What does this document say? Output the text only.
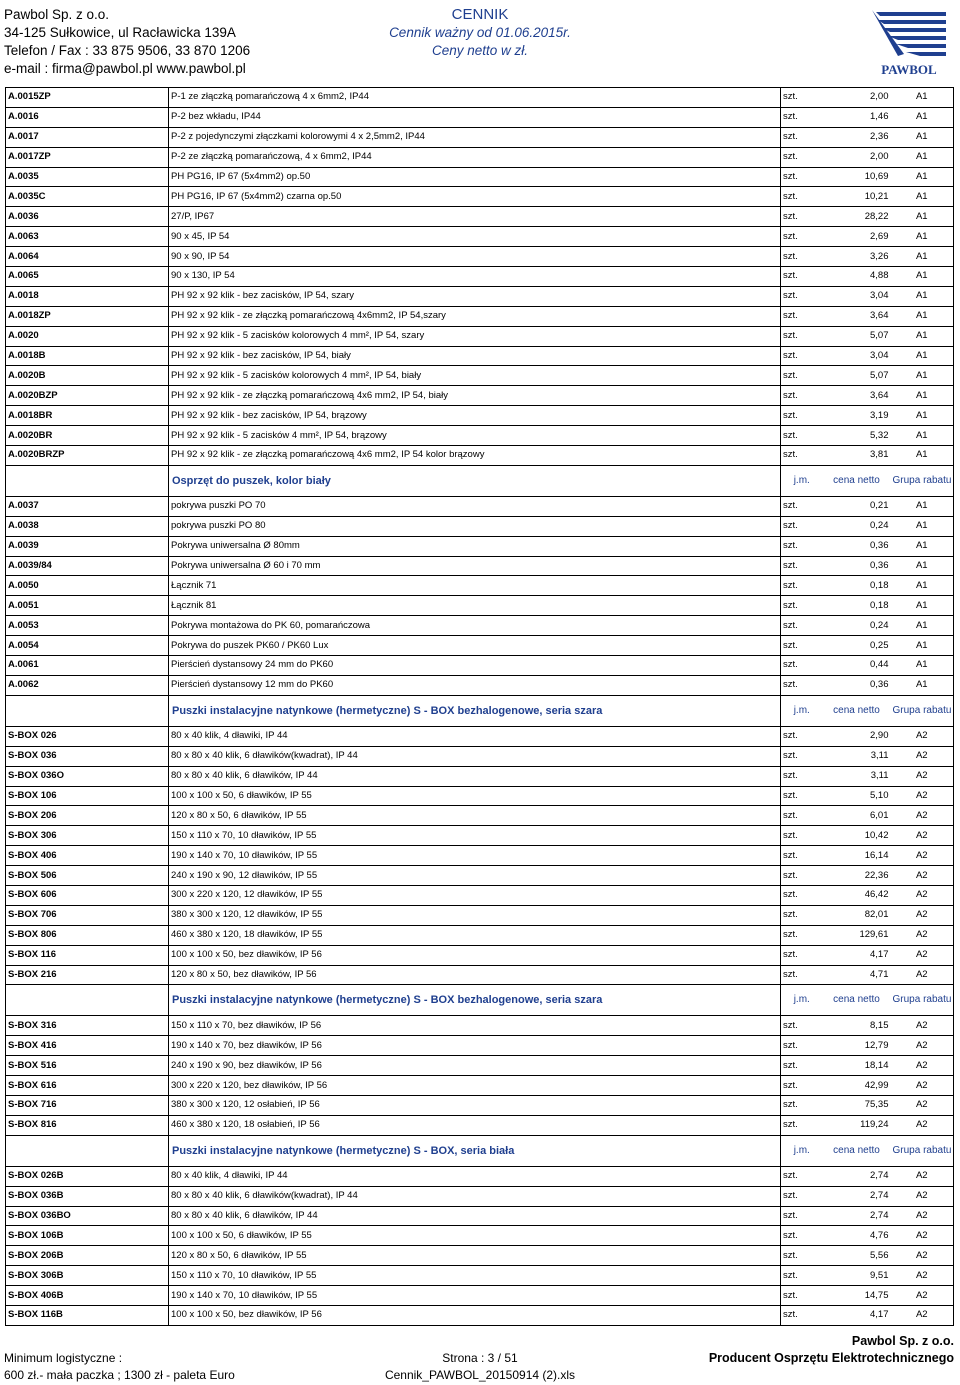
Pawbol Sp. z o.o.
34-125 Sułkowice, ul Racławicka 139A
Telefon / Fax : 33 875 9506, 33 870 1206
e-mail : firma@pawbol.pl www.pawbol.pl
CENNIK
Cennik ważny od 01.06.2015r.
Ceny netto w zł.
PAWBOL
A.0015ZP	P-1 ze złączką pomarańczową 4 x 6mm2, IP44	szt.	2,00	A1
A.0016	P-2 bez wkładu, IP44	szt.	1,46	A1
A.0017	P-2 z pojedynczymi złączkami kolorowymi 4 x 2,5mm2, IP44	szt.	2,36	A1
A.0017ZP	P-2 ze złączką pomarańczową, 4 x 6mm2, IP44	szt.	2,00	A1
A.0035	PH PG16, IP 67 (5x4mm2) op.50	szt.	10,69	A1
A.0035C	PH PG16, IP 67 (5x4mm2) czarna op.50	szt.	10,21	A1
A.0036	27/P, IP67	szt.	28,22	A1
A.0063	90 x 45, IP 54	szt.	2,69	A1
A.0064	90 x 90, IP 54	szt.	3,26	A1
A.0065	90 x 130, IP 54	szt.	4,88	A1
A.0018	PH 92 x 92 klik - bez zacisków, IP 54, szary	szt.	3,04	A1
A.0018ZP	PH 92 x 92 klik - ze złączką pomarańczową 4x6mm2, IP 54,szary	szt.	3,64	A1
A.0020	PH 92 x 92 klik - 5 zacisków kolorowych 4 mm², IP 54, szary	szt.	5,07	A1
A.0018B	PH 92 x 92 klik - bez zacisków, IP 54, biały	szt.	3,04	A1
A.0020B	PH 92 x 92 klik - 5 zacisków kolorowych 4 mm², IP 54, biały	szt.	5,07	A1
A.0020BZP	PH 92 x 92 klik - ze złączką pomarańczową 4x6 mm2, IP 54, biały	szt.	3,64	A1
A.0018BR	PH 92 x 92 klik - bez zacisków, IP 54, brązowy	szt.	3,19	A1
A.0020BR	PH 92 x 92 klik - 5 zacisków 4 mm², IP 54, brązowy	szt.	5,32	A1
A.0020BRZP	PH 92 x 92 klik - ze złączką pomarańczową 4x6 mm2, IP 54 kolor brązowy	szt.	3,81	A1
	Osprzęt do puszek, kolor biały	j.m.	cena netto	Grupa rabatu
A.0037	pokrywa puszki PO 70	szt.	0,21	A1
A.0038	pokrywa puszki PO 80	szt.	0,24	A1
A.0039	Pokrywa uniwersalna Ø 80mm	szt.	0,36	A1
A.0039/84	Pokrywa uniwersalna Ø 60 i 70 mm	szt.	0,36	A1
A.0050	Łącznik 71	szt.	0,18	A1
A.0051	Łącznik 81	szt.	0,18	A1
A.0053	Pokrywa montażowa do PK 60, pomarańczowa	szt.	0,24	A1
A.0054	Pokrywa do puszek PK60 / PK60 Lux	szt.	0,25	A1
A.0061	Pierścień dystansowy 24 mm do PK60	szt.	0,44	A1
A.0062	Pierścień dystansowy 12 mm do PK60	szt.	0,36	A1
	Puszki instalacyjne natynkowe (hermetyczne) S - BOX bezhalogenowe, seria szara	j.m.	cena netto	Grupa rabatu
S-BOX 026	80 x 40 klik, 4 dławiki, IP 44	szt.	2,90	A2
S-BOX 036	80 x 80 x 40 klik, 6 dławików(kwadrat), IP 44	szt.	3,11	A2
S-BOX 036O	80 x 80 x 40 klik, 6 dławików, IP 44	szt.	3,11	A2
S-BOX 106	100 x 100 x 50, 6 dławików, IP 55	szt.	5,10	A2
S-BOX 206	120 x 80 x 50, 6 dławików, IP 55	szt.	6,01	A2
S-BOX 306	150 x 110 x 70, 10 dławików, IP 55	szt.	10,42	A2
S-BOX 406	190 x 140 x 70, 10 dławików, IP 55	szt.	16,14	A2
S-BOX 506	240 x 190 x 90, 12 dławików, IP 55	szt.	22,36	A2
S-BOX 606	300 x 220 x 120, 12 dławików, IP 55	szt.	46,42	A2
S-BOX 706	380 x 300 x 120, 12 dławików, IP 55	szt.	82,01	A2
S-BOX 806	460 x 380 x 120, 18 dławików, IP 55	szt.	129,61	A2
S-BOX 116	100 x 100 x 50, bez dławików, IP 56	szt.	4,17	A2
S-BOX 216	120 x 80 x 50, bez dławików, IP 56	szt.	4,71	A2
	Puszki instalacyjne natynkowe (hermetyczne) S - BOX bezhalogenowe, seria szara	j.m.	cena netto	Grupa rabatu
S-BOX 316	150 x 110 x 70, bez dławików, IP 56	szt.	8,15	A2
S-BOX 416	190 x 140 x 70, bez dławików, IP 56	szt.	12,79	A2
S-BOX 516	240 x 190 x 90, bez dławików, IP 56	szt.	18,14	A2
S-BOX 616	300 x 220 x 120, bez dławików, IP 56	szt.	42,99	A2
S-BOX 716	380 x 300 x 120, 12 osłabień, IP 56	szt.	75,35	A2
S-BOX 816	460 x 380 x 120, 18 osłabień, IP 56	szt.	119,24	A2
	Puszki instalacyjne natynkowe (hermetyczne) S - BOX, seria biała	j.m.	cena netto	Grupa rabatu
S-BOX 026B	80 x 40 klik, 4 dławiki, IP 44	szt.	2,74	A2
S-BOX 036B	80 x 80 x 40 klik, 6 dławików(kwadrat), IP 44	szt.	2,74	A2
S-BOX 036BO	80 x 80 x 40 klik, 6 dławików, IP 44	szt.	2,74	A2
S-BOX 106B	100 x 100 x 50, 6 dławików, IP 55	szt.	4,76	A2
S-BOX 206B	120 x 80 x 50, 6 dławików, IP 55	szt.	5,56	A2
S-BOX 306B	150 x 110 x 70, 10 dławików, IP 55	szt.	9,51	A2
S-BOX 406B	190 x 140 x 70, 10 dławików, IP 55	szt.	14,75	A2
S-BOX 116B	100 x 100 x 50, bez dławików, IP 56	szt.	4,17	A2
Minimum logistyczne :
600 zł.- mała paczka ; 1300 zł - paleta Euro
Strona : 3 / 51
Cennik_PAWBOL_20150914 (2).xls
Pawbol Sp. z o.o.
Producent Osprzętu Elektrotechnicznego
